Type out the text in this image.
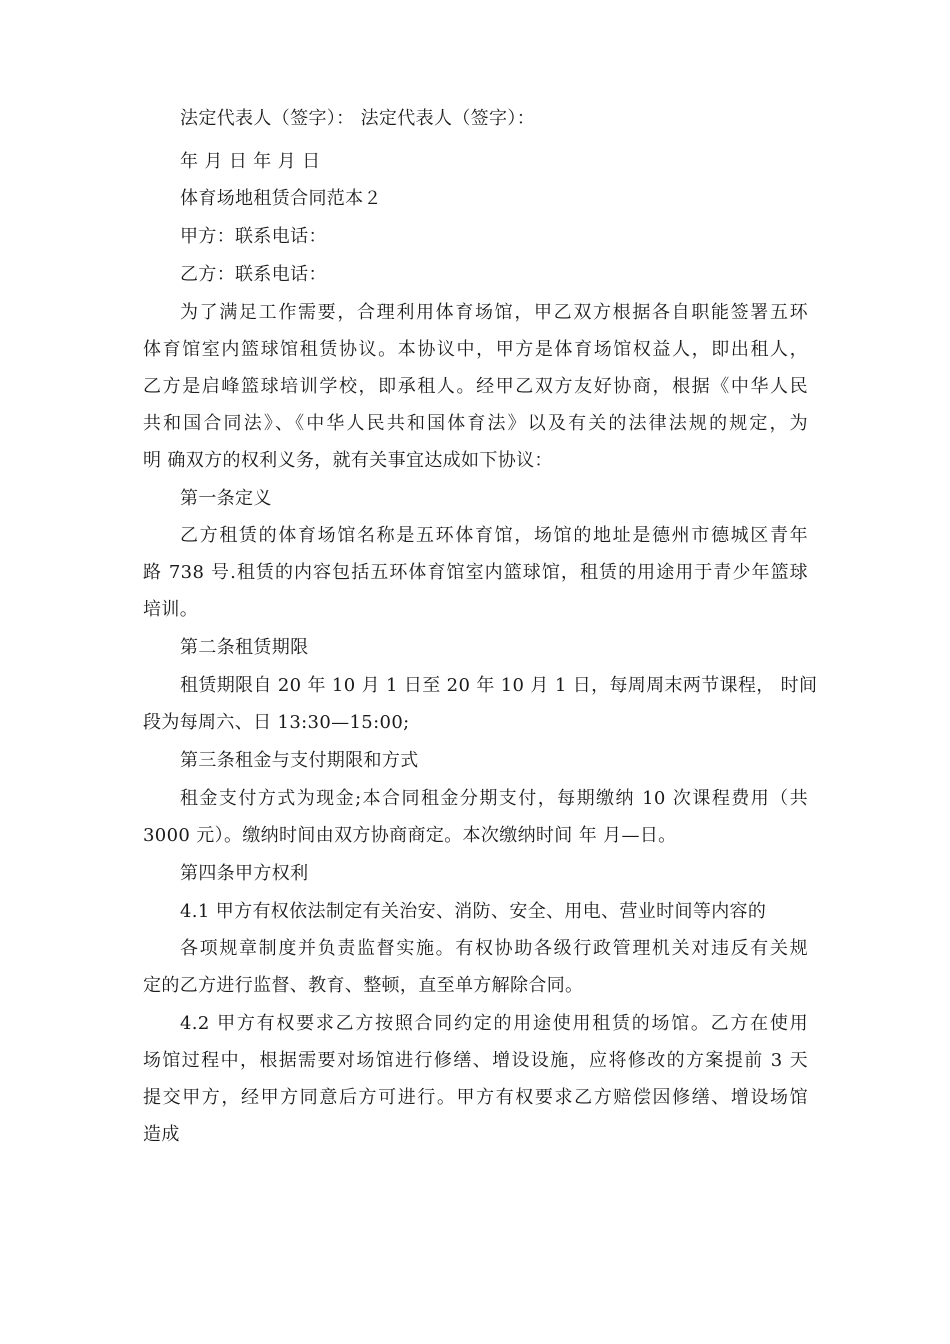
法定代表人（签字）： 法定代表人（签字）：
年 月 日 年 月 日
体育场地租赁合同范本２
甲方：联系电话：
乙方：联系电话：
为了满足工作需要，合理利用体育场馆，甲乙双方根据各自职能签署五环
体育馆室内篮球馆租赁协议。本协议中，甲方是体育场馆权益人，即出租人，
乙方是启峰篮球培训学校，即承租人。经甲乙双方友好协商，根据《中华人民
共和国合同法》、《中华人民共和国体育法》以及有关的法律法规的规定，为
明 确双方的权利义务，就有关事宜达成如下协议：
第一条定义
乙方租赁的体育场馆名称是五环体育馆，场馆的地址是德州市德城区青年
路 738 号.租赁的内容包括五环体育馆室内篮球馆，租赁的用途用于青少年篮球
培训。
第二条租赁期限
租赁期限自 20 年 10 月 1 日至 20 年 10 月 1 日，每周周末两节课程， 时间
段为每周六、日 13:30—15:00;
第三条租金与支付期限和方式
租金支付方式为现金;本合同租金分期支付，每期缴纳 10 次课程费用（共
3000 元）。缴纳时间由双方协商商定。本次缴纳时间 年 月—日。
第四条甲方权利
4.1 甲方有权依法制定有关治安、消防、安全、用电、营业时间等内容的
各项规章制度并负责监督实施。有权协助各级行政管理机关对违反有关规
定的乙方进行监督、教育、整顿，直至单方解除合同。
4.2 甲方有权要求乙方按照合同约定的用途使用租赁的场馆。乙方在使用
场馆过程中，根据需要对场馆进行修缮、增设设施，应将修改的方案提前 3 天
提交甲方，经甲方同意后方可进行。甲方有权要求乙方赔偿因修缮、增设场馆
造成
